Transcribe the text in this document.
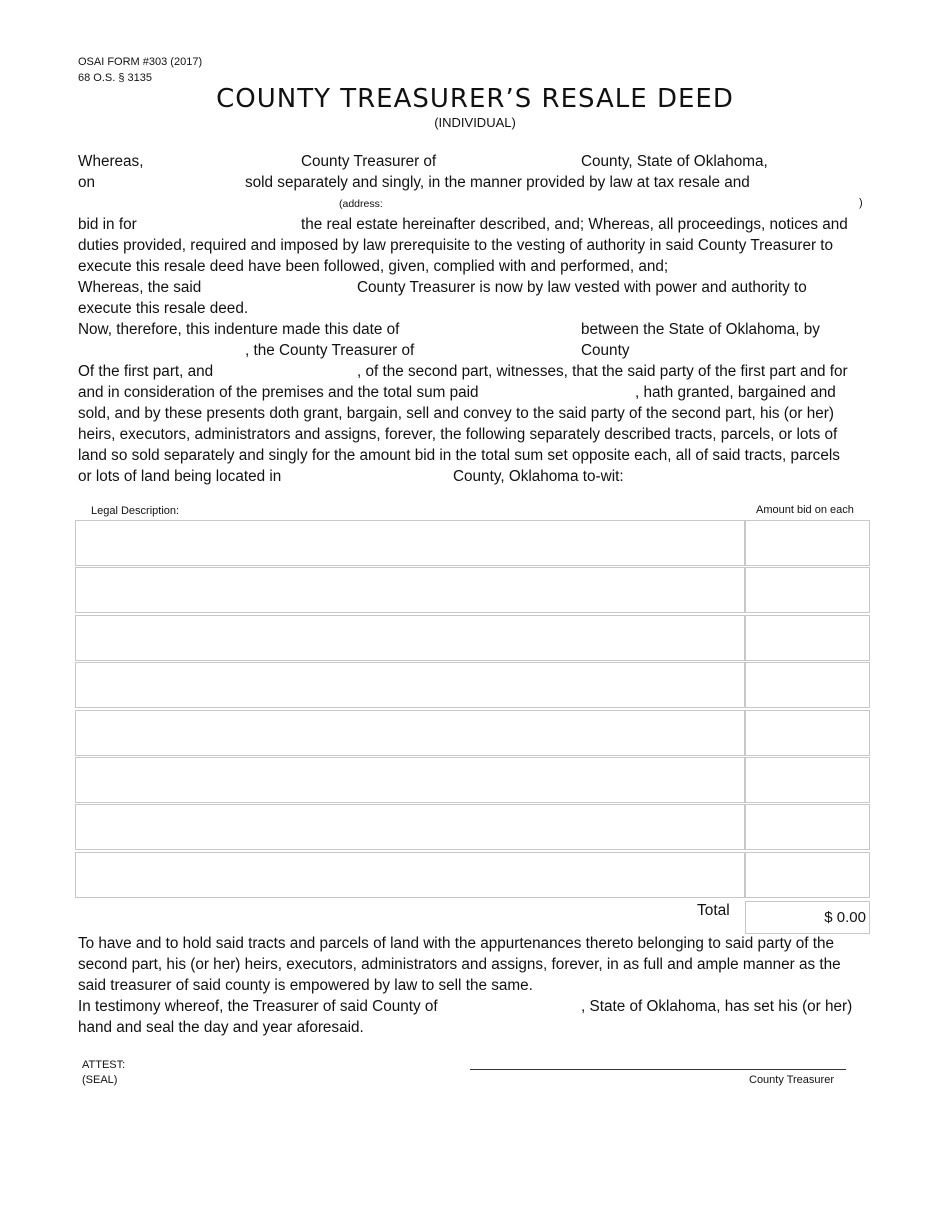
OSAI FORM #303 (2017)
68 O.S. § 3135
COUNTY TREASURER’S RESALE DEED
(INDIVIDUAL)
Whereas,	County Treasurer of	County, State of Oklahoma,
on	sold separately and singly, in the manner provided by law at tax resale and
(address:	)
bid in for	the real estate hereinafter described, and; Whereas, all proceedings, notices and
duties provided, required and imposed by law prerequisite to the vesting of authority in said County Treasurer to
execute this resale deed have been followed, given, complied with and performed, and;
Whereas, the said	County Treasurer is now by law vested with power and authority to
execute this resale deed.
Now, therefore, this indenture made this date of	between the State of Oklahoma, by
, the County Treasurer of	County
Of the first part, and	, of the second part, witnesses, that the said party of the first part and for
and in consideration of the premises and the total sum paid	, hath granted, bargained and
sold, and by these presents doth grant, bargain, sell and convey to the said party of the second part, his (or her)
heirs, executors, administrators and assigns, forever, the following separately described tracts, parcels, or lots of
land so sold separately and singly for the amount bid in the total sum set opposite each, all of said tracts, parcels
or lots of land being located in	County, Oklahoma to-wit:
Legal Description:	Amount bid on each
Total	$ 0.00
To have and to hold said tracts and parcels of land with the appurtenances thereto belonging to said party of the
second part, his (or her) heirs, executors, administrators and assigns, forever, in as full and ample manner as the
said treasurer of said county is empowered by law to sell the same.
In testimony whereof, the Treasurer of said County of	, State of Oklahoma, has set his (or her)
hand and seal the day and year aforesaid.
ATTEST:
(SEAL)	County Treasurer
